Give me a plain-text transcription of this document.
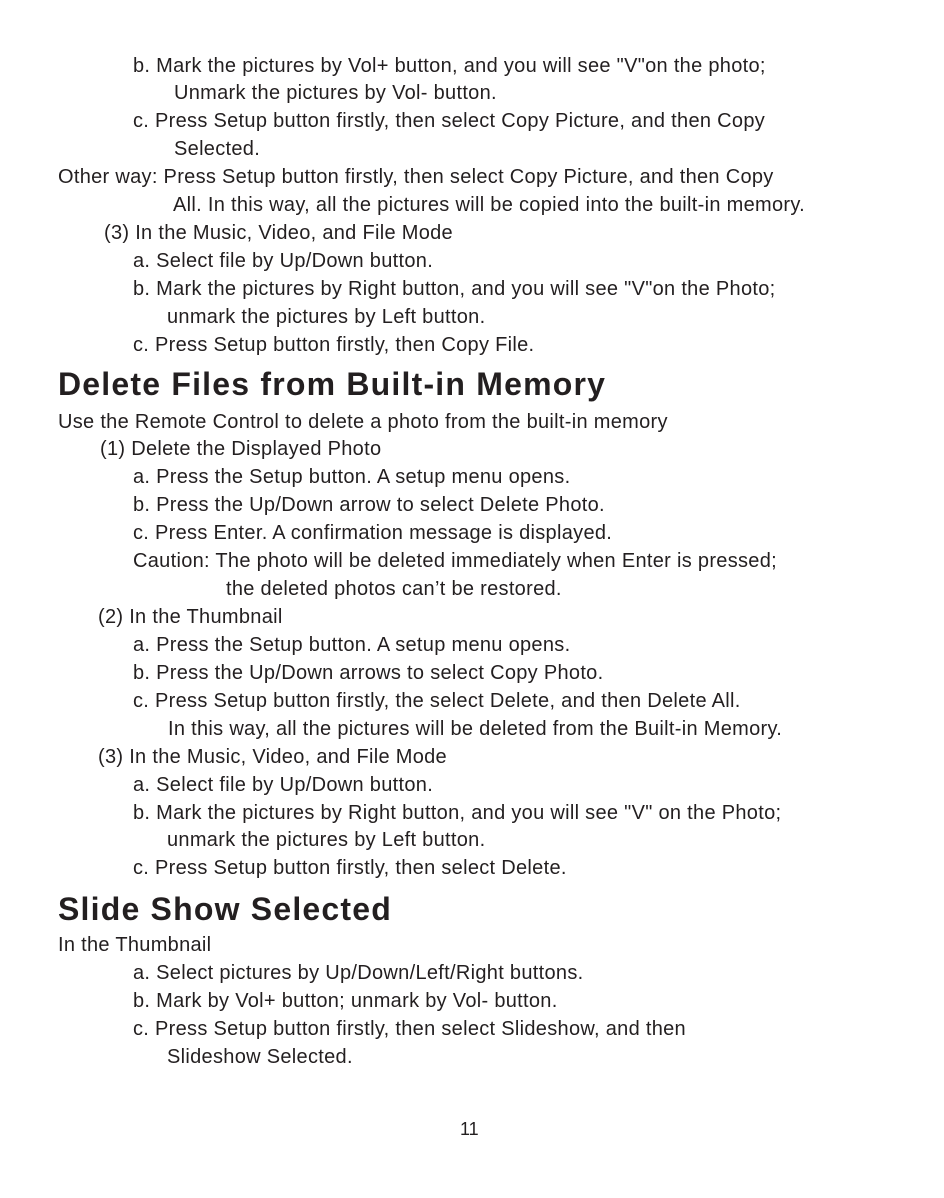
b. Mark the pictures by Vol+ button, and you will see "V"on the photo;
Unmark the pictures by Vol- button.
c. Press Setup button firstly, then select Copy Picture, and then Copy
Selected.
Other way: Press Setup button firstly, then select Copy Picture, and then Copy
All. In this way, all the pictures will be copied into the built-in memory.
(3) In the Music, Video, and File Mode
a. Select file by Up/Down button.
b. Mark the pictures by Right button, and you will see "V"on the Photo;
unmark the pictures by Left button.
c. Press Setup button firstly, then Copy File.
Delete Files from Built-in Memory
Use the Remote Control to delete a photo from the built-in memory
(1) Delete the Displayed Photo
a. Press the Setup button. A setup menu opens.
b. Press the Up/Down arrow to select Delete Photo.
c. Press Enter. A confirmation message is displayed.
Caution: The photo will be deleted immediately when Enter is pressed;
the deleted photos can’t be restored.
(2) In the Thumbnail
a. Press the Setup button. A setup menu opens.
b. Press the Up/Down arrows to select Copy Photo.
c. Press Setup button firstly, the select Delete, and then Delete All.
In this way, all the pictures will be deleted from the Built-in Memory.
(3) In the Music, Video, and File Mode
a. Select file by Up/Down button.
b. Mark the pictures by Right button, and you will see "V" on the Photo;
unmark the pictures by Left button.
c. Press Setup button firstly, then select Delete.
Slide Show Selected
In the Thumbnail
a. Select pictures by Up/Down/Left/Right buttons.
b. Mark by Vol+ button; unmark by Vol- button.
c. Press Setup button firstly, then select Slideshow, and then
Slideshow Selected.
11
